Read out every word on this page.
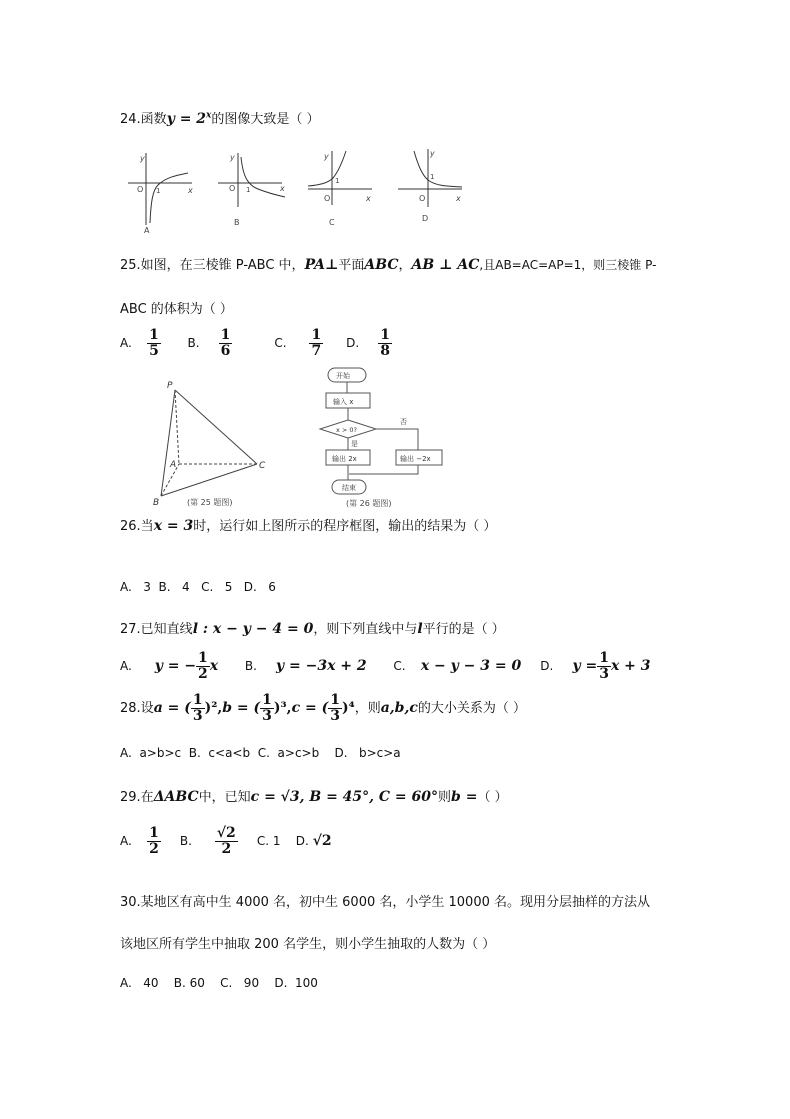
24.函数$y = 2^x$的图像大致是（ ）
x
y
O 1
A
x
y
O 1
B
x
y
O
1
C
x
y
O
1
D
25.如图，在三棱锥 P-ABC 中，PA⊥平面ABC，AB ⊥ AC,且AB=AC=AP=1，则三棱锥 P-
ABC 的体积为（ ）
A. $\frac{1}{5} B$. $\frac{1}{6}$	C. $\frac{1}{7} D$. $\frac{1}{8}$
P
A
B
C
(第 25 题图)
开始
输入 x
x > 0?
是
否
输出 2x	输出 −2x
结束
(第 26 题图)
26.当x = 3时，运行如上图所示的程序框图，输出的结果为（ ）
A.   3  B.   4   C.   5   D.   6
27.已知直线l : x − y − 4 = 0，则下列直线中与l平行的是（ ）
A. y = − $\frac{1}{2}$ x B. y = −3x + 2 C. x − y − 3 = 0 D. $y = \frac{1}{3}$ x + 3
28.设a = ( $\frac{1}{3} )^2,b$ = ( $\frac{1}{3} )^3,c$ = ( $\frac{1}{3} )^4$，则a,b,c的大小关系为（ ）
A.  a>b>c  B.  c<a<b  C.  a>c>b    D.   b>c>a
29.在ΔABC中，已知c = √3, B = 45°, C = 60°则b =（ ）
A. $\frac{1}{2} B$. $\frac{√2}{2} C$. 1 D. √2
30.某地区有高中生 4000 名，初中生 6000 名，小学生 10000 名。现用分层抽样的方法从
该地区所有学生中抽取 200 名学生，则小学生抽取的人数为（ ）
A.   40    B. 60    C.   90    D.  100
